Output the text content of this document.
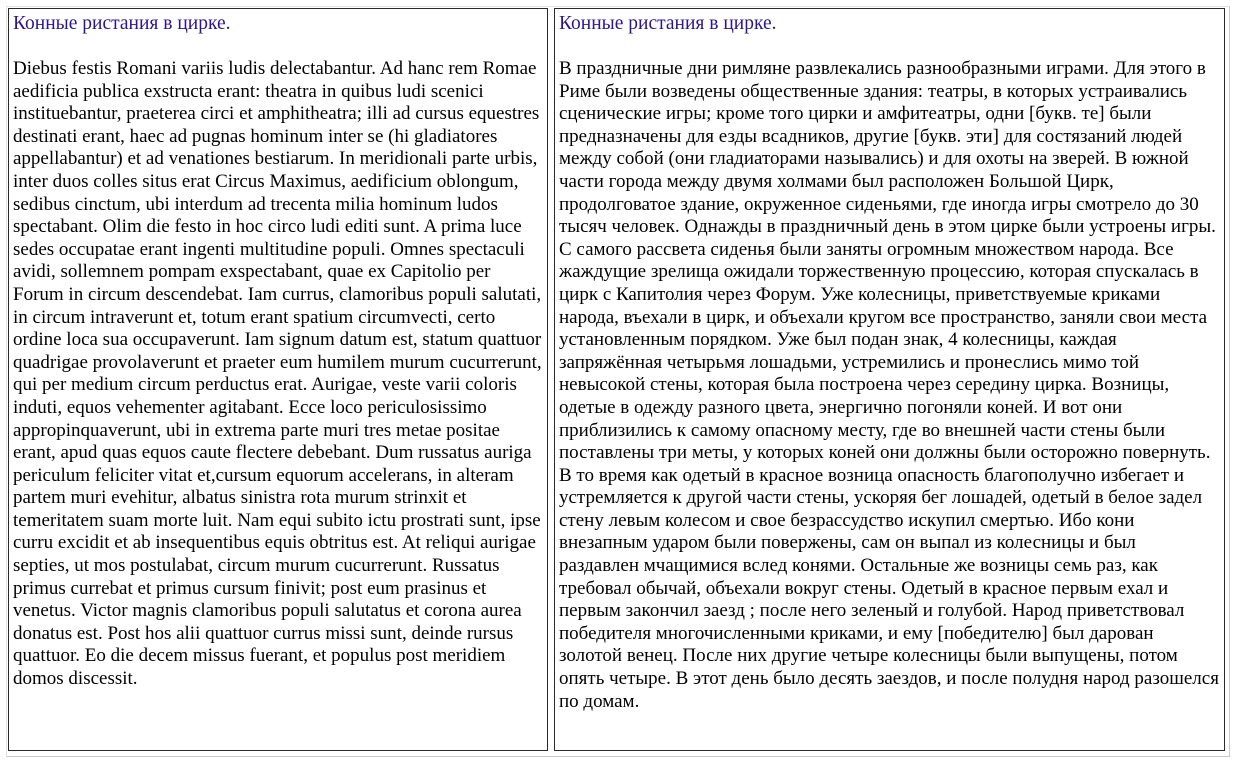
Конные ристания в цирке.

Diebus festis Romani variis ludis delectabantur. Ad hanc rem Romae aedificia publica exstructa erant: theatra in quibus ludi scenici instituebantur, praeterea circi et amphitheatra; illi ad cursus equestres destinati erant, haec ad pugnas hominum inter se (hi gladiatores appellabantur) et ad venationes bestiarum. In meridionali parte urbis, inter duos colles situs erat Circus Maximus, aedificium oblongum, sedibus cinctum, ubi interdum ad trecenta milia hominum ludos spectabant. Olim die festo in hoc circo ludi editi sunt. A prima luce sedes occupatae erant ingenti multitudine populi. Omnes spectaculi avidi, sollemnem pompam exspectabant, quae ex Capitolio per Forum in circum descendebat. Iam currus, clamoribus populi salutati, in circum intraverunt et, totum erant spatium circumvecti, certo ordine loca sua occupaverunt. Iam signum datum est, statum quattuor quadrigae provolaverunt et praeter eum humilem murum cucurrerunt, qui per medium circum perductus erat. Aurigae, veste varii coloris induti, equos vehementer agitabant. Ecce loco periculosissimo appropinquaverunt, ubi in extrema parte muri tres metae positae erant, apud quas equos caute flectere debebant. Dum russatus auriga periculum feliciter vitat et,cursum equorum accelerans, in alteram partem muri evehitur, albatus sinistra rota murum strinxit et temeritatem suam morte luit. Nam equi subito ictu prostrati sunt, ipse curru excidit et ab insequentibus equis obtritus est. At reliqui aurigae septies, ut mos postulabat, circum murum cucurrerunt. Russatus primus currebat et primus cursum finivit; post eum prasinus et venetus. Victor magnis clamoribus populi salutatus et corona aurea donatus est. Post hos alii quattuor currus missi sunt, deinde rursus quattuor. Eo die decem missus fuerant, et populus post meridiem domos discessit.

Конные ристания в цирке.

В праздничные дни римляне развлекались разнообразными играми. Для этого в Риме были возведены общественные здания: театры, в которых устраивались сценические игры; кроме того цирки и амфитеатры, одни [букв. те] были предназначены для езды всадников, другие [букв. эти] для состязаний людей между собой (они гладиаторами назывались) и для охоты на зверей. В южной части города между двумя холмами был расположен Большой Цирк, продолговатое здание, окруженное сиденьями, где иногда игры смотрело до 30 тысяч человек. Однажды в праздничный день в этом цирке были устроены игры. С самого рассвета сиденья были заняты огромным множеством народа. Все жаждущие зрелища ожидали торжественную процессию, которая спускалась в цирк с Капитолия через Форум. Уже колесницы, приветствуемые криками народа, въехали в цирк, и объехали кругом все пространство, заняли свои места установленным порядком. Уже был подан знак, 4 колесницы, каждая запряжённая четырьмя лошадьми, устремились и пронеслись мимо той невысокой стены, которая была построена через середину цирка. Возницы, одетые в одежду разного цвета, энергично погоняли коней. И вот они приблизились к самому опасному месту, где во внешней части стены были поставлены три меты, у которых коней они должны были осторожно повернуть. В то время как одетый в красное возница опасность благополучно избегает и устремляется к другой части стены, ускоряя бег лошадей, одетый в белое задел стену левым колесом и свое безрассудство искупил смертью. Ибо кони внезапным ударом были повержены, сам он выпал из колесницы и был раздавлен мчащимися вслед конями. Остальные же возницы семь раз, как требовал обычай, объехали вокруг стены. Одетый в красное первым ехал и первым закончил заезд ; после него зеленый и голубой. Народ приветствовал победителя многочисленными криками, и ему [победителю] был дарован золотой венец. После них другие четыре колесницы были выпущены, потом опять четыре. В этот день было десять заездов, и после полудня народ разошелся по домам.
